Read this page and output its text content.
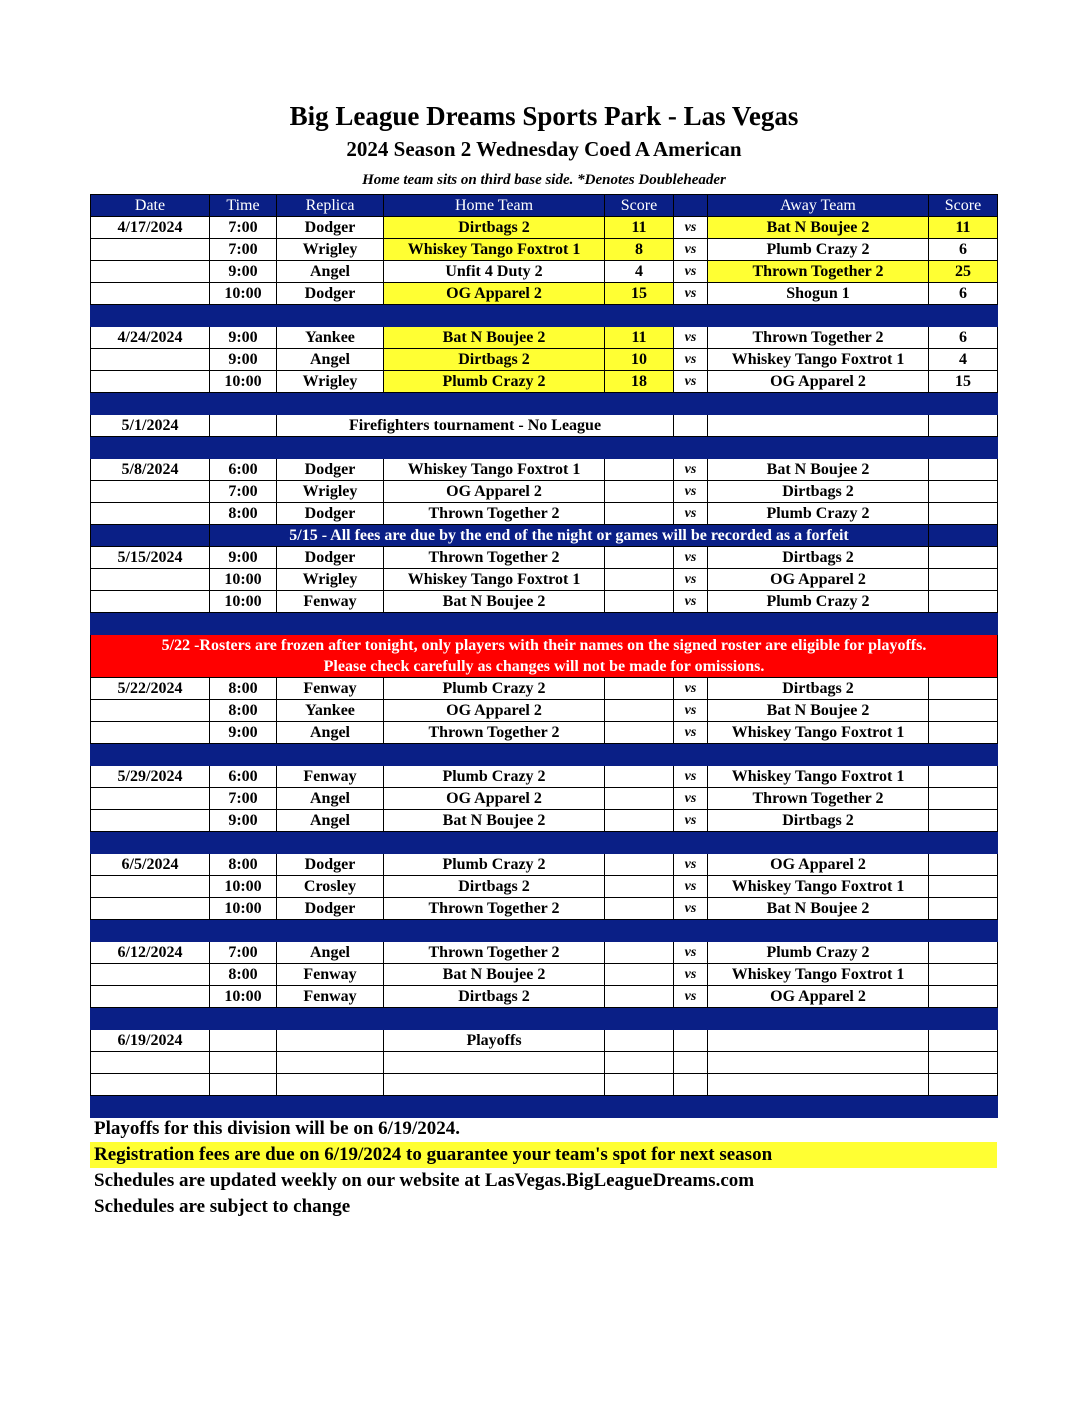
Big League Dreams Sports Park - Las Vegas
2024 Season 2 Wednesday Coed A American
Home team sits on third base side. *Denotes Doubleheader
Date	Time	Replica	Home Team	Score		Away Team	Score
4/17/2024	7:00	Dodger	Dirtbags 2	11	vs	Bat N Boujee 2	11
	7:00	Wrigley	Whiskey Tango Foxtrot 1	8	vs	Plumb Crazy 2	6
	9:00	Angel	Unfit 4 Duty 2	4	vs	Thrown Together 2	25
	10:00	Dodger	OG Apparel 2	15	vs	Shogun 1	6

4/24/2024	9:00	Yankee	Bat N Boujee 2	11	vs	Thrown Together 2	6
	9:00	Angel	Dirtbags 2	10	vs	Whiskey Tango Foxtrot 1	4
	10:00	Wrigley	Plumb Crazy 2	18	vs	OG Apparel 2	15

5/1/2024		Firefighters tournament - No League					

5/8/2024	6:00	Dodger	Whiskey Tango Foxtrot 1		vs	Bat N Boujee 2	
	7:00	Wrigley	OG Apparel 2		vs	Dirtbags 2	
	8:00	Dodger	Thrown Together 2		vs	Plumb Crazy 2	
	5/15 - All fees are due by the end of the night or games will be recorded as a forfeit						
5/15/2024	9:00	Dodger	Thrown Together 2		vs	Dirtbags 2	
	10:00	Wrigley	Whiskey Tango Foxtrot 1		vs	OG Apparel 2	
	10:00	Fenway	Bat N Boujee 2		vs	Plumb Crazy 2	

5/22 -Rosters are frozen after tonight, only players with their names on the signed roster are eligible for playoffs.
Please check carefully as changes will not be made for omissions.							

5/22/2024	8:00	Fenway	Plumb Crazy 2		vs	Dirtbags 2	
	8:00	Yankee	OG Apparel 2		vs	Bat N Boujee 2	
	9:00	Angel	Thrown Together 2		vs	Whiskey Tango Foxtrot 1	

5/29/2024	6:00	Fenway	Plumb Crazy 2		vs	Whiskey Tango Foxtrot 1	
	7:00	Angel	OG Apparel 2		vs	Thrown Together 2	
	9:00	Angel	Bat N Boujee 2		vs	Dirtbags 2	

6/5/2024	8:00	Dodger	Plumb Crazy 2		vs	OG Apparel 2	
	10:00	Crosley	Dirtbags 2		vs	Whiskey Tango Foxtrot 1	
	10:00	Dodger	Thrown Together 2		vs	Bat N Boujee 2	

6/12/2024	7:00	Angel	Thrown Together 2		vs	Plumb Crazy 2	
	8:00	Fenway	Bat N Boujee 2		vs	Whiskey Tango Foxtrot 1	
	10:00	Fenway	Dirtbags 2		vs	OG Apparel 2	

6/19/2024			Playoffs				

Playoffs for this division will be on 6/19/2024.
Registration fees are due on 6/19/2024 to guarantee your team's spot for next season
Schedules are updated weekly on our website at LasVegas.BigLeagueDreams.com
Schedules are subject to change
